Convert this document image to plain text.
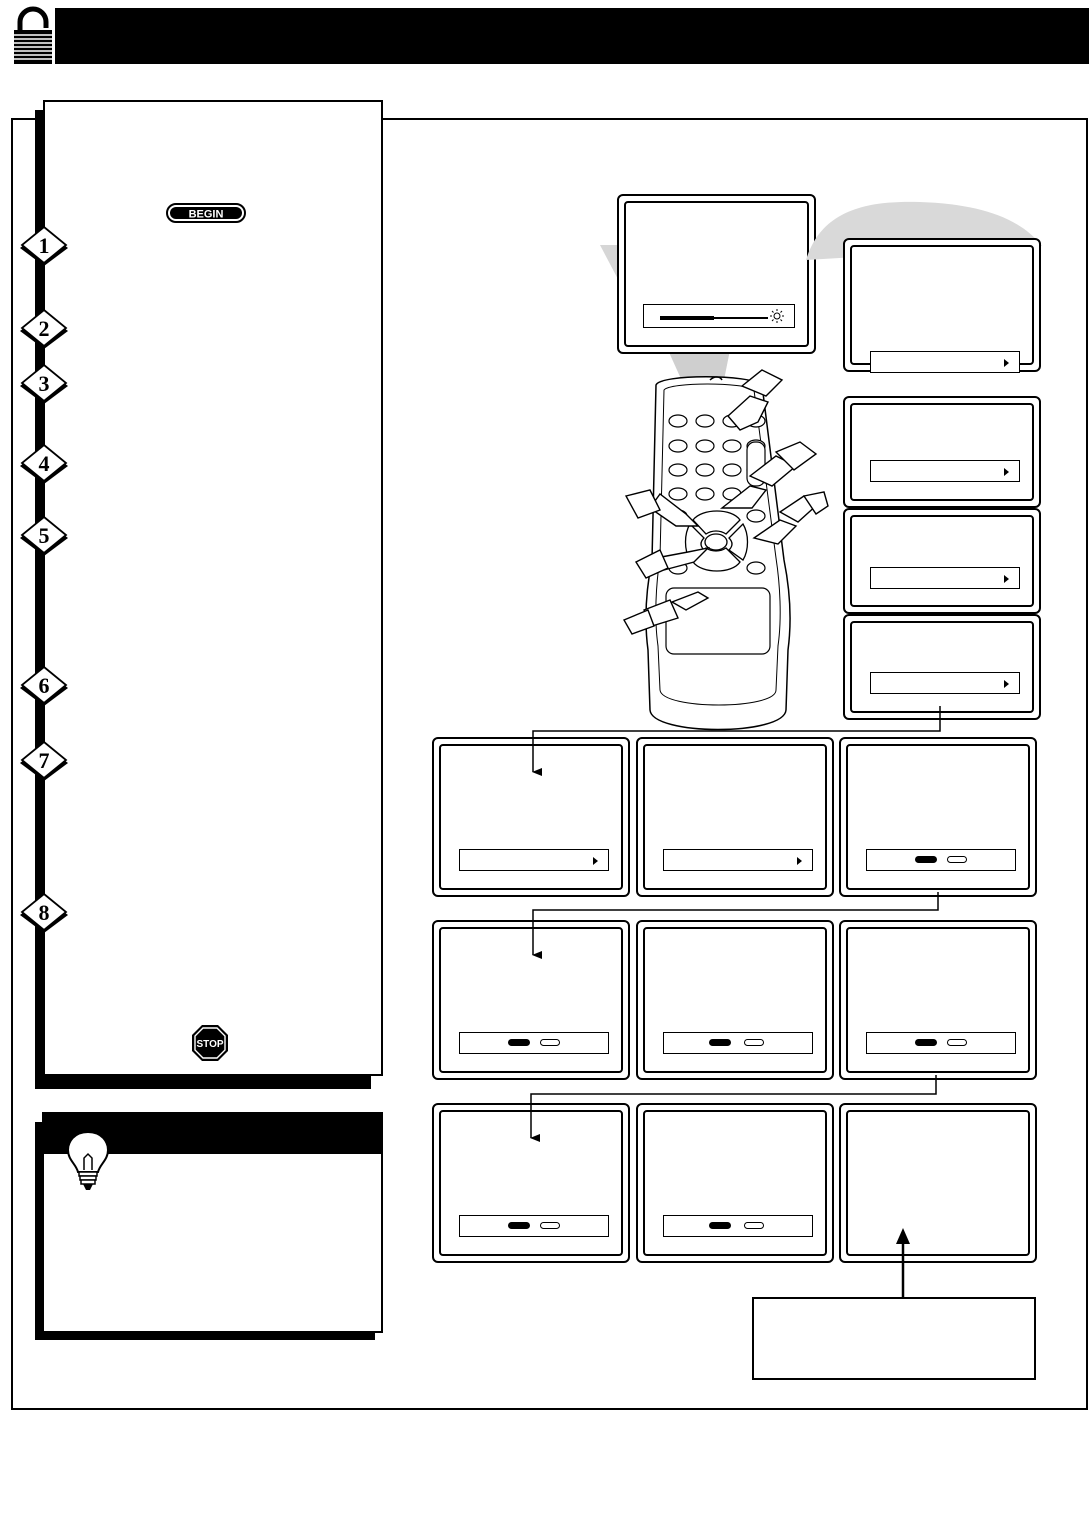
BEGIN
1
2
3
4
5
6
7
8
STOP
